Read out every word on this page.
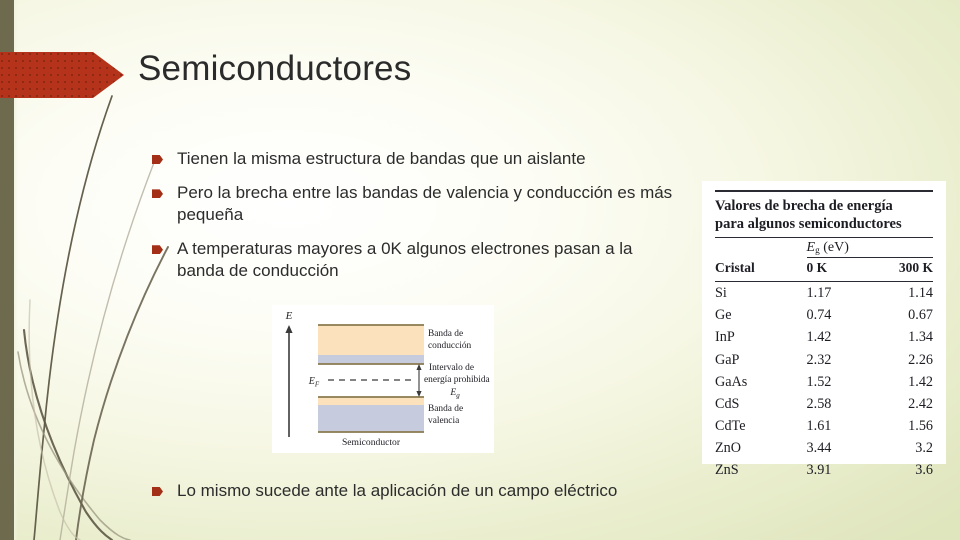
Semiconductores
Tienen la misma estructura de bandas que un aislante
Pero la brecha entre las bandas de valencia y conducción es más pequeña
A temperaturas mayores a 0K algunos electrones pasan a la banda de conducción
Lo mismo sucede ante la aplicación de un campo eléctrico
E
$E_F$
Banda de
conducción
Intervalo de
energía prohibida
$E_g$
Banda de
valencia
Semiconductor
Valores de brecha de energía
para algunos semiconductores
	$E_g$ (eV)	
Cristal	0 K	300 K

Si	1.17	1.14
Ge	0.74	0.67
InP	1.42	1.34
GaP	2.32	2.26
GaAs	1.52	1.42
CdS	2.58	2.42
CdTe	1.61	1.56
ZnO	3.44	3.2
ZnS	3.91	3.6
